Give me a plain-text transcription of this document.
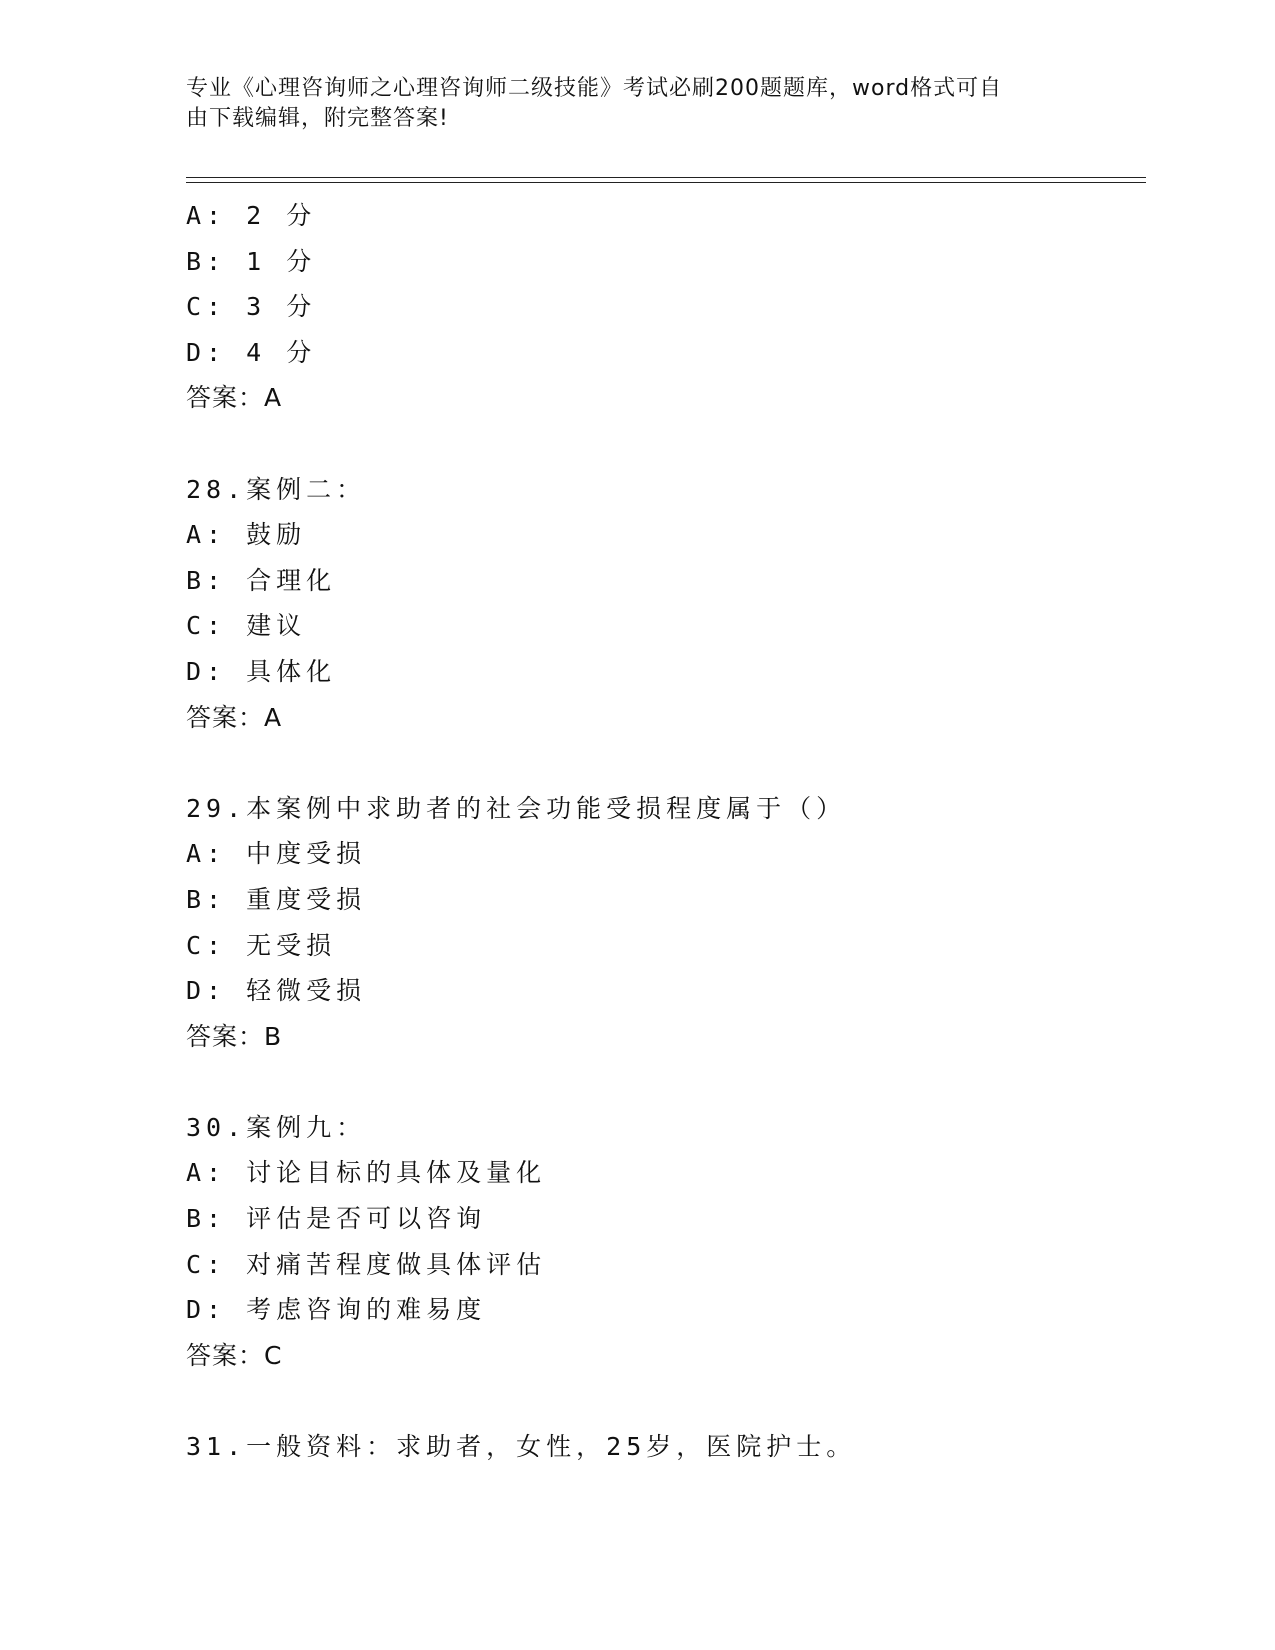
专业《心理咨询师之心理咨询师二级技能》考试必刷200题题库，word格式可自
由下载编辑，附完整答案!
A: 2 分
B: 1 分
C: 3 分
D: 4 分
答案：A
28.案例二：
A: 鼓励
B: 合理化
C: 建议
D: 具体化
答案：A
29.本案例中求助者的社会功能受损程度属于（）
A: 中度受损
B: 重度受损
C: 无受损
D: 轻微受损
答案：B
30.案例九：
A: 讨论目标的具体及量化
B: 评估是否可以咨询
C: 对痛苦程度做具体评估
D: 考虑咨询的难易度
答案：C
31.一般资料：求助者，女性，25岁，医院护士。
